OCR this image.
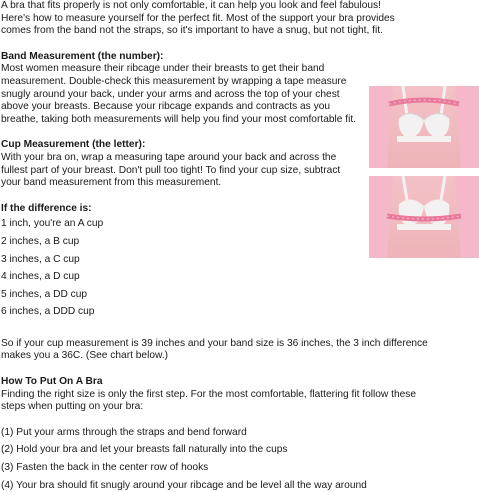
A bra that fits properly is not only comfortable, it can help you look and feel fabulous!
Here's how to measure yourself for the perfect fit. Most of the support your bra provides
comes from the band not the straps, so it's important to have a snug, but not tight, fit.
Band Measurement (the number):
Most women measure their ribcage under their breasts to get their band
measurement. Double-check this measurement by wrapping a tape measure
snugly around your back, under your arms and across the top of your chest
above your breasts. Because your ribcage expands and contracts as you
breathe, taking both measurements will help you find your most comfortable fit.
Cup Measurement (the letter):
With your bra on, wrap a measuring tape around your back and across the
fullest part of your breast. Don't pull too tight! To find your cup size, subtract
your band measurement from this measurement.
If the difference is:
1 inch, you're an A cup
2 inches, a B cup
3 inches, a C cup
4 inches, a D cup
5 inches, a DD cup
6 inches, a DDD cup
So if your cup measurement is 39 inches and your band size is 36 inches, the 3 inch difference
makes you a 36C. (See chart below.)
How To Put On A Bra
Finding the right size is only the first step. For the most comfortable, flattering fit follow these
steps when putting on your bra:
(1) Put your arms through the straps and bend forward
(2) Hold your bra and let your breasts fall naturally into the cups
(3) Fasten the back in the center row of hooks
(4) Your bra should fit snugly around your ribcage and be level all the way around
